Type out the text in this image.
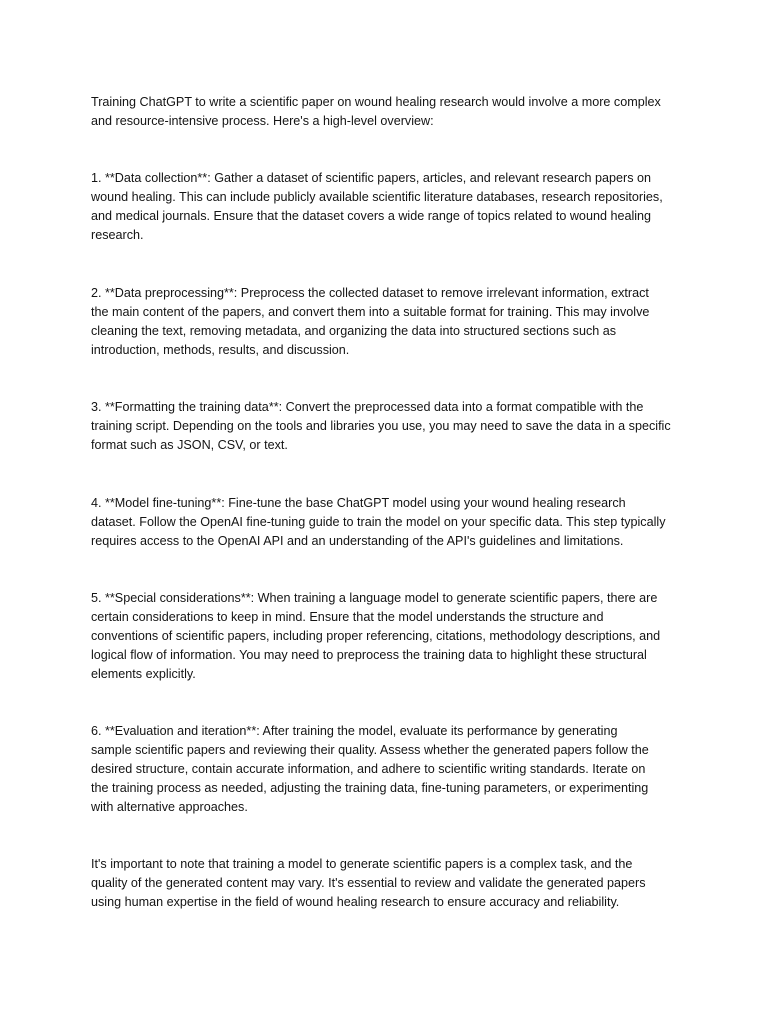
Training ChatGPT to write a scientific paper on wound healing research would involve a more complex
and resource-intensive process. Here's a high-level overview:

1. **Data collection**: Gather a dataset of scientific papers, articles, and relevant research papers on
wound healing. This can include publicly available scientific literature databases, research repositories,
and medical journals. Ensure that the dataset covers a wide range of topics related to wound healing
research.

2. **Data preprocessing**: Preprocess the collected dataset to remove irrelevant information, extract
the main content of the papers, and convert them into a suitable format for training. This may involve
cleaning the text, removing metadata, and organizing the data into structured sections such as
introduction, methods, results, and discussion.

3. **Formatting the training data**: Convert the preprocessed data into a format compatible with the
training script. Depending on the tools and libraries you use, you may need to save the data in a specific
format such as JSON, CSV, or text.

4. **Model fine-tuning**: Fine-tune the base ChatGPT model using your wound healing research
dataset. Follow the OpenAI fine-tuning guide to train the model on your specific data. This step typically
requires access to the OpenAI API and an understanding of the API's guidelines and limitations.

5. **Special considerations**: When training a language model to generate scientific papers, there are
certain considerations to keep in mind. Ensure that the model understands the structure and
conventions of scientific papers, including proper referencing, citations, methodology descriptions, and
logical flow of information. You may need to preprocess the training data to highlight these structural
elements explicitly.

6. **Evaluation and iteration**: After training the model, evaluate its performance by generating
sample scientific papers and reviewing their quality. Assess whether the generated papers follow the
desired structure, contain accurate information, and adhere to scientific writing standards. Iterate on
the training process as needed, adjusting the training data, fine-tuning parameters, or experimenting
with alternative approaches.

It's important to note that training a model to generate scientific papers is a complex task, and the
quality of the generated content may vary. It's essential to review and validate the generated papers
using human expertise in the field of wound healing research to ensure accuracy and reliability.
